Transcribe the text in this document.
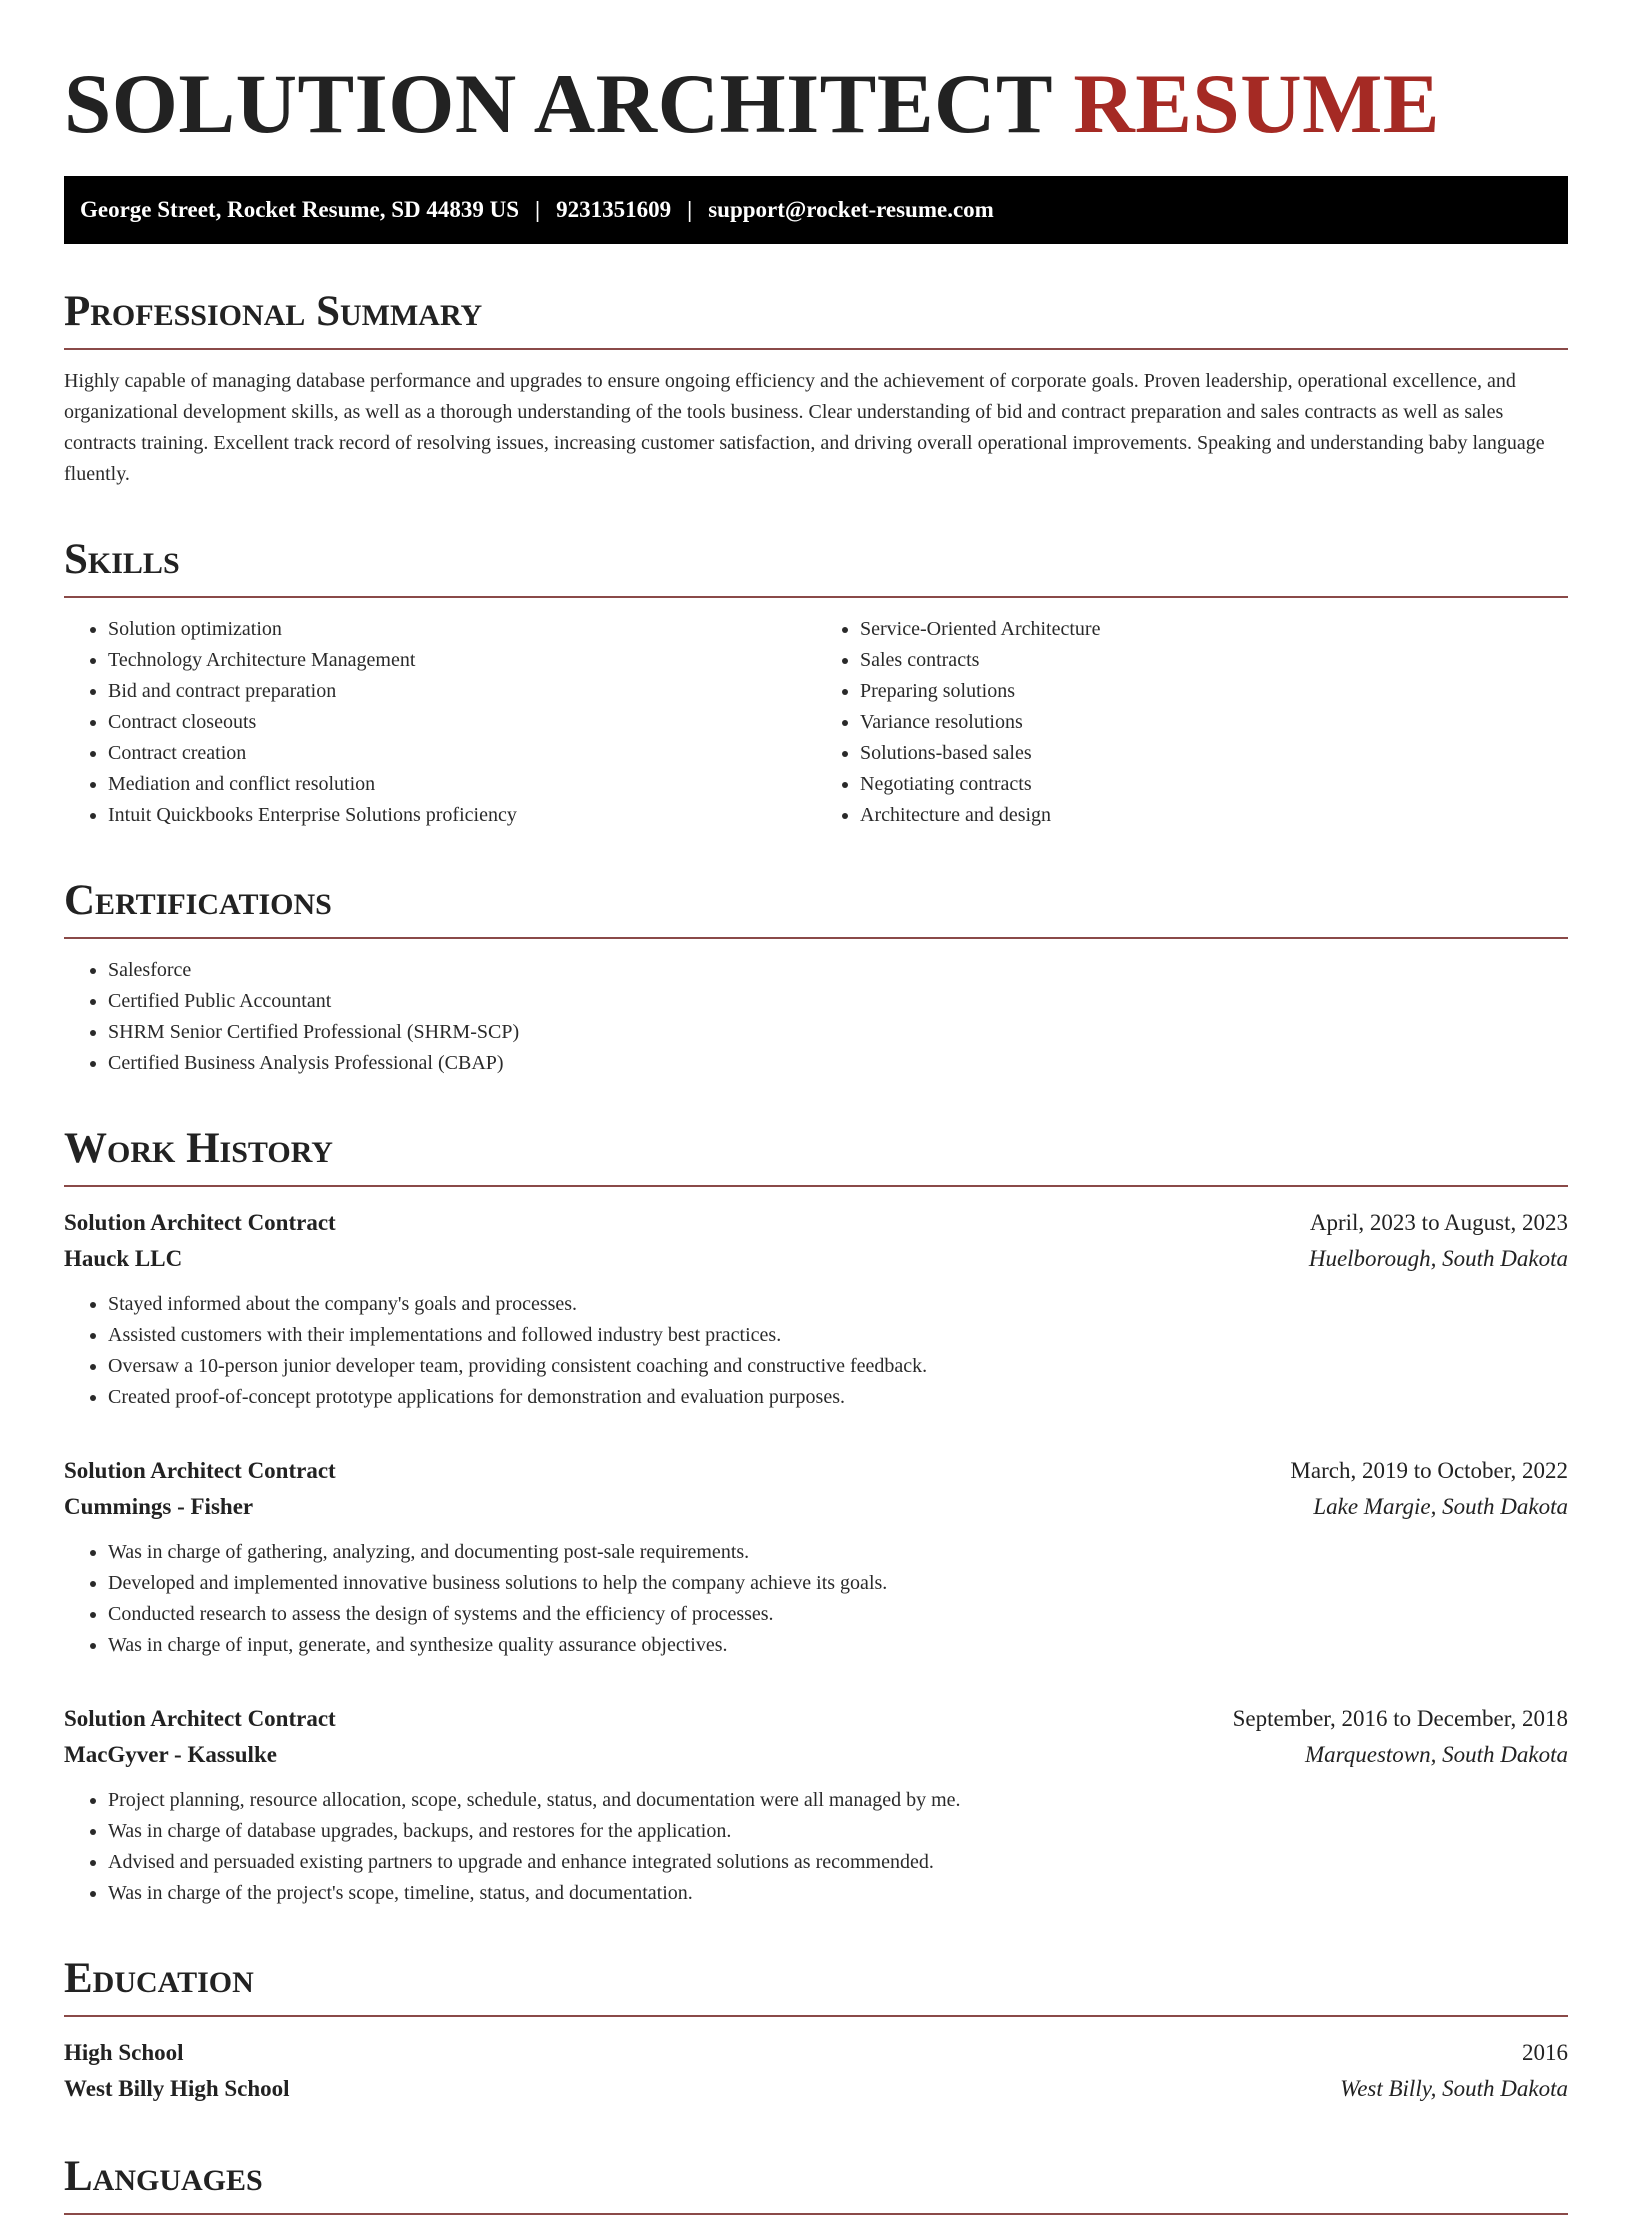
SOLUTION ARCHITECT RESUME
George Street, Rocket Resume, SD 44839 US | 9231351609 | support@rocket-resume.com
Professional Summary

Highly capable of managing database performance and upgrades to ensure ongoing efficiency and the achievement of corporate goals. Proven leadership, operational excellence, and organizational development skills, as well as a thorough understanding of the tools business. Clear understanding of bid and contract preparation and sales contracts as well as sales contracts training. Excellent track record of resolving issues, increasing customer satisfaction, and driving overall operational improvements. Speaking and understanding baby language fluently.

Skills
• Solution optimization
• Technology Architecture Management
• Bid and contract preparation
• Contract closeouts
• Contract creation
• Mediation and conflict resolution
• Intuit Quickbooks Enterprise Solutions proficiency
• Service-Oriented Architecture
• Sales contracts
• Preparing solutions
• Variance resolutions
• Solutions-based sales
• Negotiating contracts
• Architecture and design
Certifications
• Salesforce
• Certified Public Accountant
• SHRM Senior Certified Professional (SHRM-SCP)
• Certified Business Analysis Professional (CBAP)
Work History
Solution Architect Contract	April, 2023 to August, 2023
Hauck LLC	Huelborough, South Dakota
• Stayed informed about the company's goals and processes.
• Assisted customers with their implementations and followed industry best practices.
• Oversaw a 10-person junior developer team, providing consistent coaching and constructive feedback.
• Created proof-of-concept prototype applications for demonstration and evaluation purposes.
Solution Architect Contract	March, 2019 to October, 2022
Cummings - Fisher	Lake Margie, South Dakota
• Was in charge of gathering, analyzing, and documenting post-sale requirements.
• Developed and implemented innovative business solutions to help the company achieve its goals.
• Conducted research to assess the design of systems and the efficiency of processes.
• Was in charge of input, generate, and synthesize quality assurance objectives.
Solution Architect Contract	September, 2016 to December, 2018
MacGyver - Kassulke	Marquestown, South Dakota
• Project planning, resource allocation, scope, schedule, status, and documentation were all managed by me.
• Was in charge of database upgrades, backups, and restores for the application.
• Advised and persuaded existing partners to upgrade and enhance integrated solutions as recommended.
• Was in charge of the project's scope, timeline, status, and documentation.
Education
High School	2016
West Billy High School	West Billy, South Dakota
Languages
